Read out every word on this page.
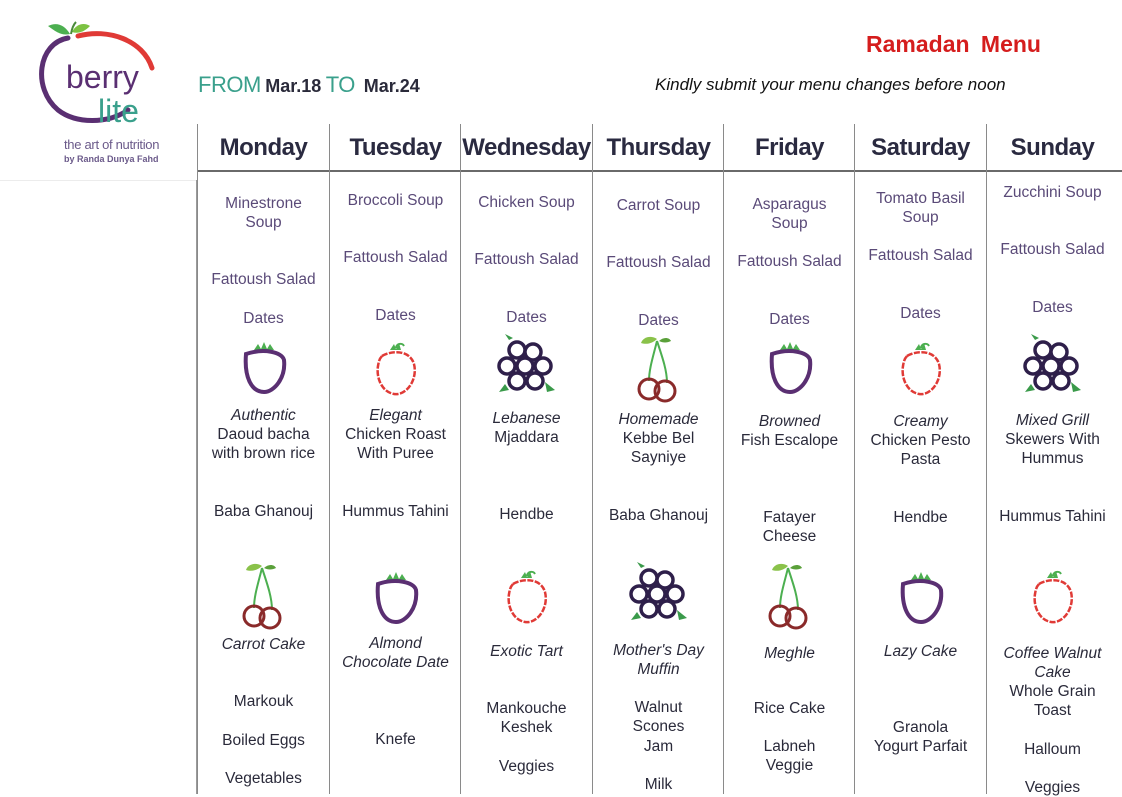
berry
lite
the art of nutrition
by Randa Dunya Fahd
FROM Mar.18 TO Mar.24
Ramadan Menu
Kindly submit your menu changes before noon
Monday
Minestrone Soup
Fattoush Salad
Dates
Authentic
Daoud bacha with brown rice
Baba Ghanouj
Carrot Cake
Markouk
Boiled Eggs
Vegetables
Tuesday
Broccoli Soup
Fattoush Salad
Dates
Elegant
Chicken Roast With Puree
Hummus Tahini
Almond Chocolate Date
Knefe
Wednesday
Chicken Soup
Fattoush Salad
Dates
Lebanese
Mjaddara
Hendbe
Exotic Tart
Mankouche Keshek
Veggies
Thursday
Carrot Soup
Fattoush Salad
Dates
Homemade
Kebbe Bel Sayniye
Baba Ghanouj
Mother's Day Muffin
Walnut Scones
Jam
Milk
Friday
Asparagus Soup
Fattoush Salad
Dates
Browned
Fish Escalope
Fatayer Cheese
Meghle
Rice Cake
Labneh Veggie
Saturday
Tomato Basil Soup
Fattoush Salad
Dates
Creamy
Chicken Pesto Pasta
Hendbe
Lazy Cake
Granola Yogurt Parfait
Sunday
Zucchini Soup
Fattoush Salad
Dates
Mixed Grill
Skewers With Hummus
Hummus Tahini
Coffee Walnut Cake
Whole Grain Toast
Halloum
Veggies
